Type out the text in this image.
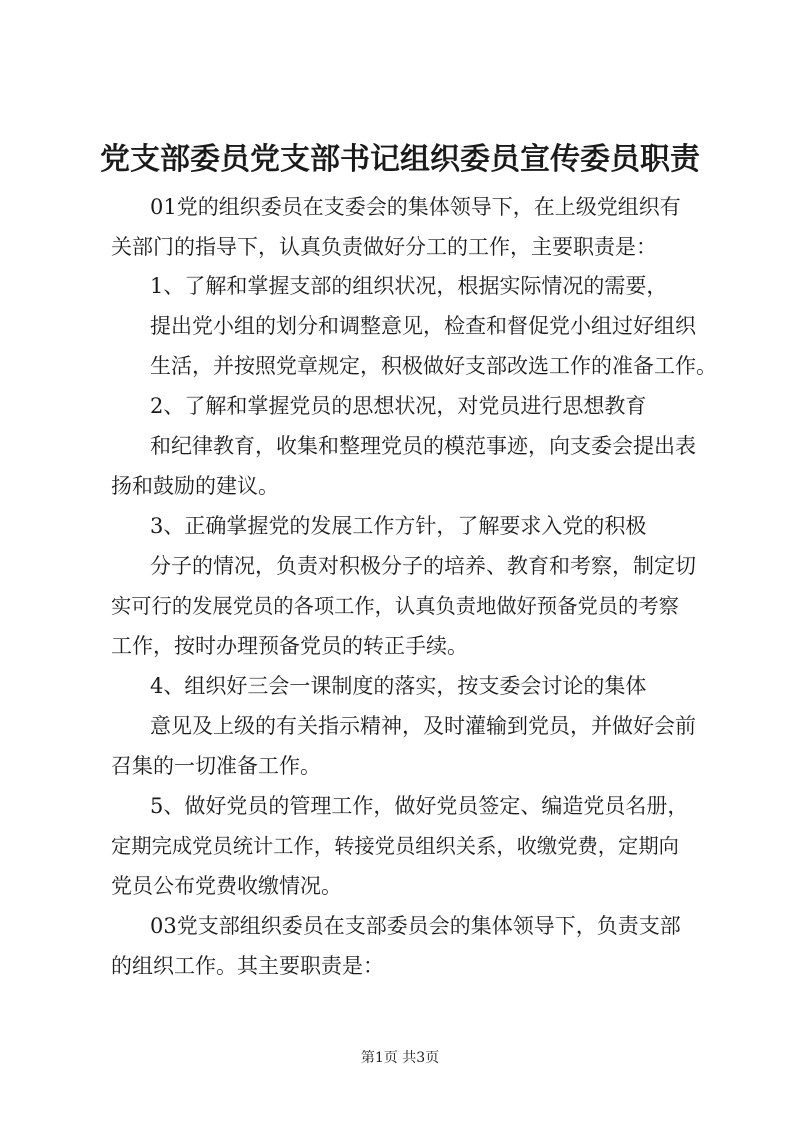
党支部委员党支部书记组织委员宣传委员职责
01党的组织委员在支委会的集体领导下，在上级党组织有
关部门的指导下，认真负责做好分工的工作，主要职责是：
1、了解和掌握支部的组织状况，根据实际情况的需要，
提出党小组的划分和调整意见，检查和督促党小组过好组织
生活，并按照党章规定，积极做好支部改选工作的准备工作。
2、了解和掌握党员的思想状况，对党员进行思想教育
和纪律教育，收集和整理党员的模范事迹，向支委会提出表
扬和鼓励的建议。
3、正确掌握党的发展工作方针，了解要求入党的积极
分子的情况，负责对积极分子的培养、教育和考察，制定切
实可行的发展党员的各项工作，认真负责地做好预备党员的考察
工作，按时办理预备党员的转正手续。
4、组织好三会一课制度的落实，按支委会讨论的集体
意见及上级的有关指示精神，及时灌输到党员，并做好会前
召集的一切准备工作。
5、做好党员的管理工作，做好党员签定、编造党员名册，
定期完成党员统计工作，转接党员组织关系，收缴党费，定期向
党员公布党费收缴情况。
03党支部组织委员在支部委员会的集体领导下，负责支部
的组织工作。其主要职责是：
第1页 共3页
